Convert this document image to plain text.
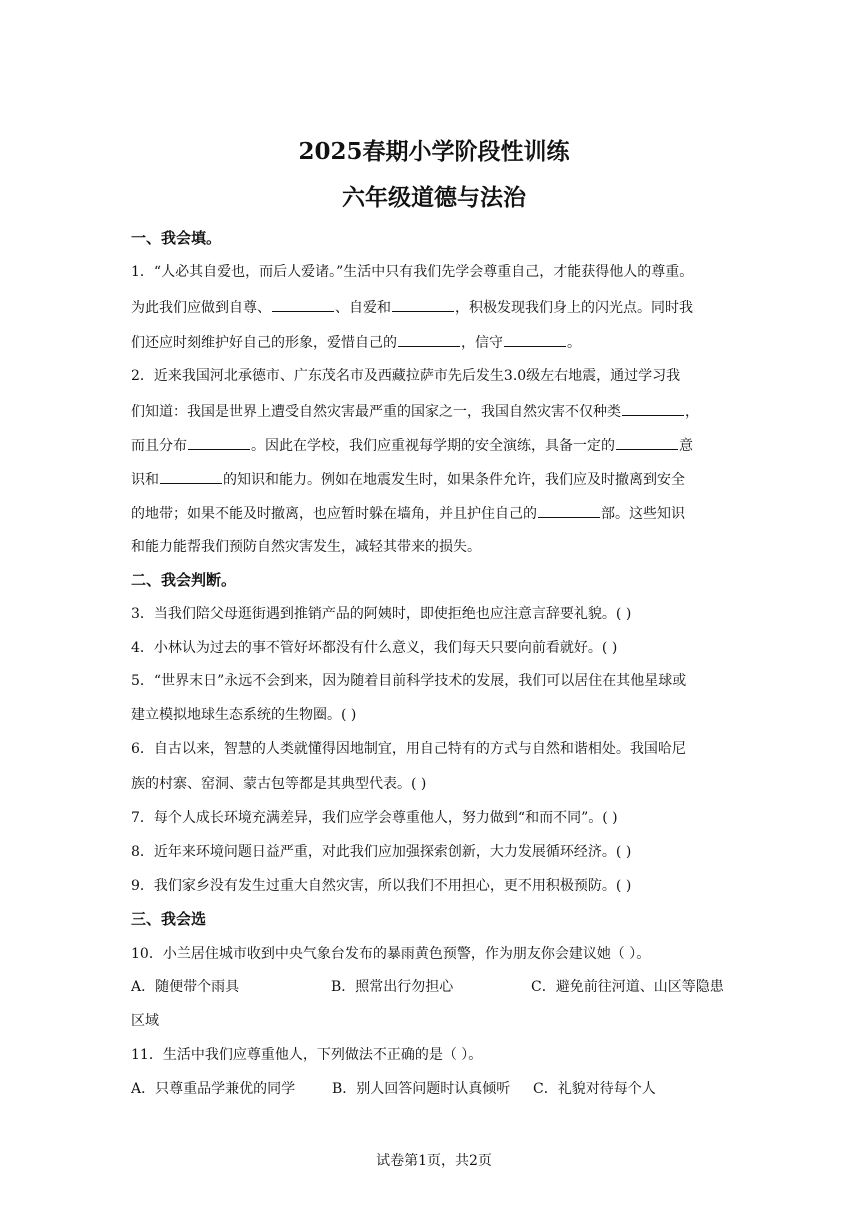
2025春期小学阶段性训练
六年级道德与法治
一、我会填。
1．“人必其自爱也，而后人爱诸。”生活中只有我们先学会尊重自己，才能获得他人的尊重。
为此我们应做到自尊、	、自爱和	，积极发现我们身上的闪光点。同时我
们还应时刻维护好自己的形象，爱惜自己的	，信守	。
2．近来我国河北承德市、广东茂名市及西藏拉萨市先后发生3.0级左右地震，通过学习我
们知道：我国是世界上遭受自然灾害最严重的国家之一，我国自然灾害不仅种类	，
而且分布	。因此在学校，我们应重视每学期的安全演练，具备一定的	意
识和	的知识和能力。例如在地震发生时，如果条件允许，我们应及时撤离到安全
的地带；如果不能及时撤离，也应暂时躲在墙角，并且护住自己的	部。这些知识
和能力能帮我们预防自然灾害发生，减轻其带来的损失。
二、我会判断。
3．当我们陪父母逛街遇到推销产品的阿姨时，即使拒绝也应注意言辞要礼貌。( )
4．小林认为过去的事不管好坏都没有什么意义，我们每天只要向前看就好。( )
5．“世界末日”永远不会到来，因为随着目前科学技术的发展，我们可以居住在其他星球或
建立模拟地球生态系统的生物圈。( )
6．自古以来，智慧的人类就懂得因地制宜，用自己特有的方式与自然和谐相处。我国哈尼
族的村寨、窑洞、蒙古包等都是其典型代表。( )
7．每个人成长环境充满差异，我们应学会尊重他人，努力做到“和而不同”。( )
8．近年来环境问题日益严重，对此我们应加强探索创新，大力发展循环经济。( )
9．我们家乡没有发生过重大自然灾害，所以我们不用担心，更不用积极预防。( )
三、我会选
10．小兰居住城市收到中央气象台发布的暴雨黄色预警，作为朋友你会建议她（ ）。
A．随便带个雨具	B．照常出行勿担心	C．避免前往河道、山区等隐患
区域
11．生活中我们应尊重他人，下列做法不正确的是（ ）。
A．只尊重品学兼优的同学	B．别人回答问题时认真倾听 C．礼貌对待每个人
试卷第1页，共2页
